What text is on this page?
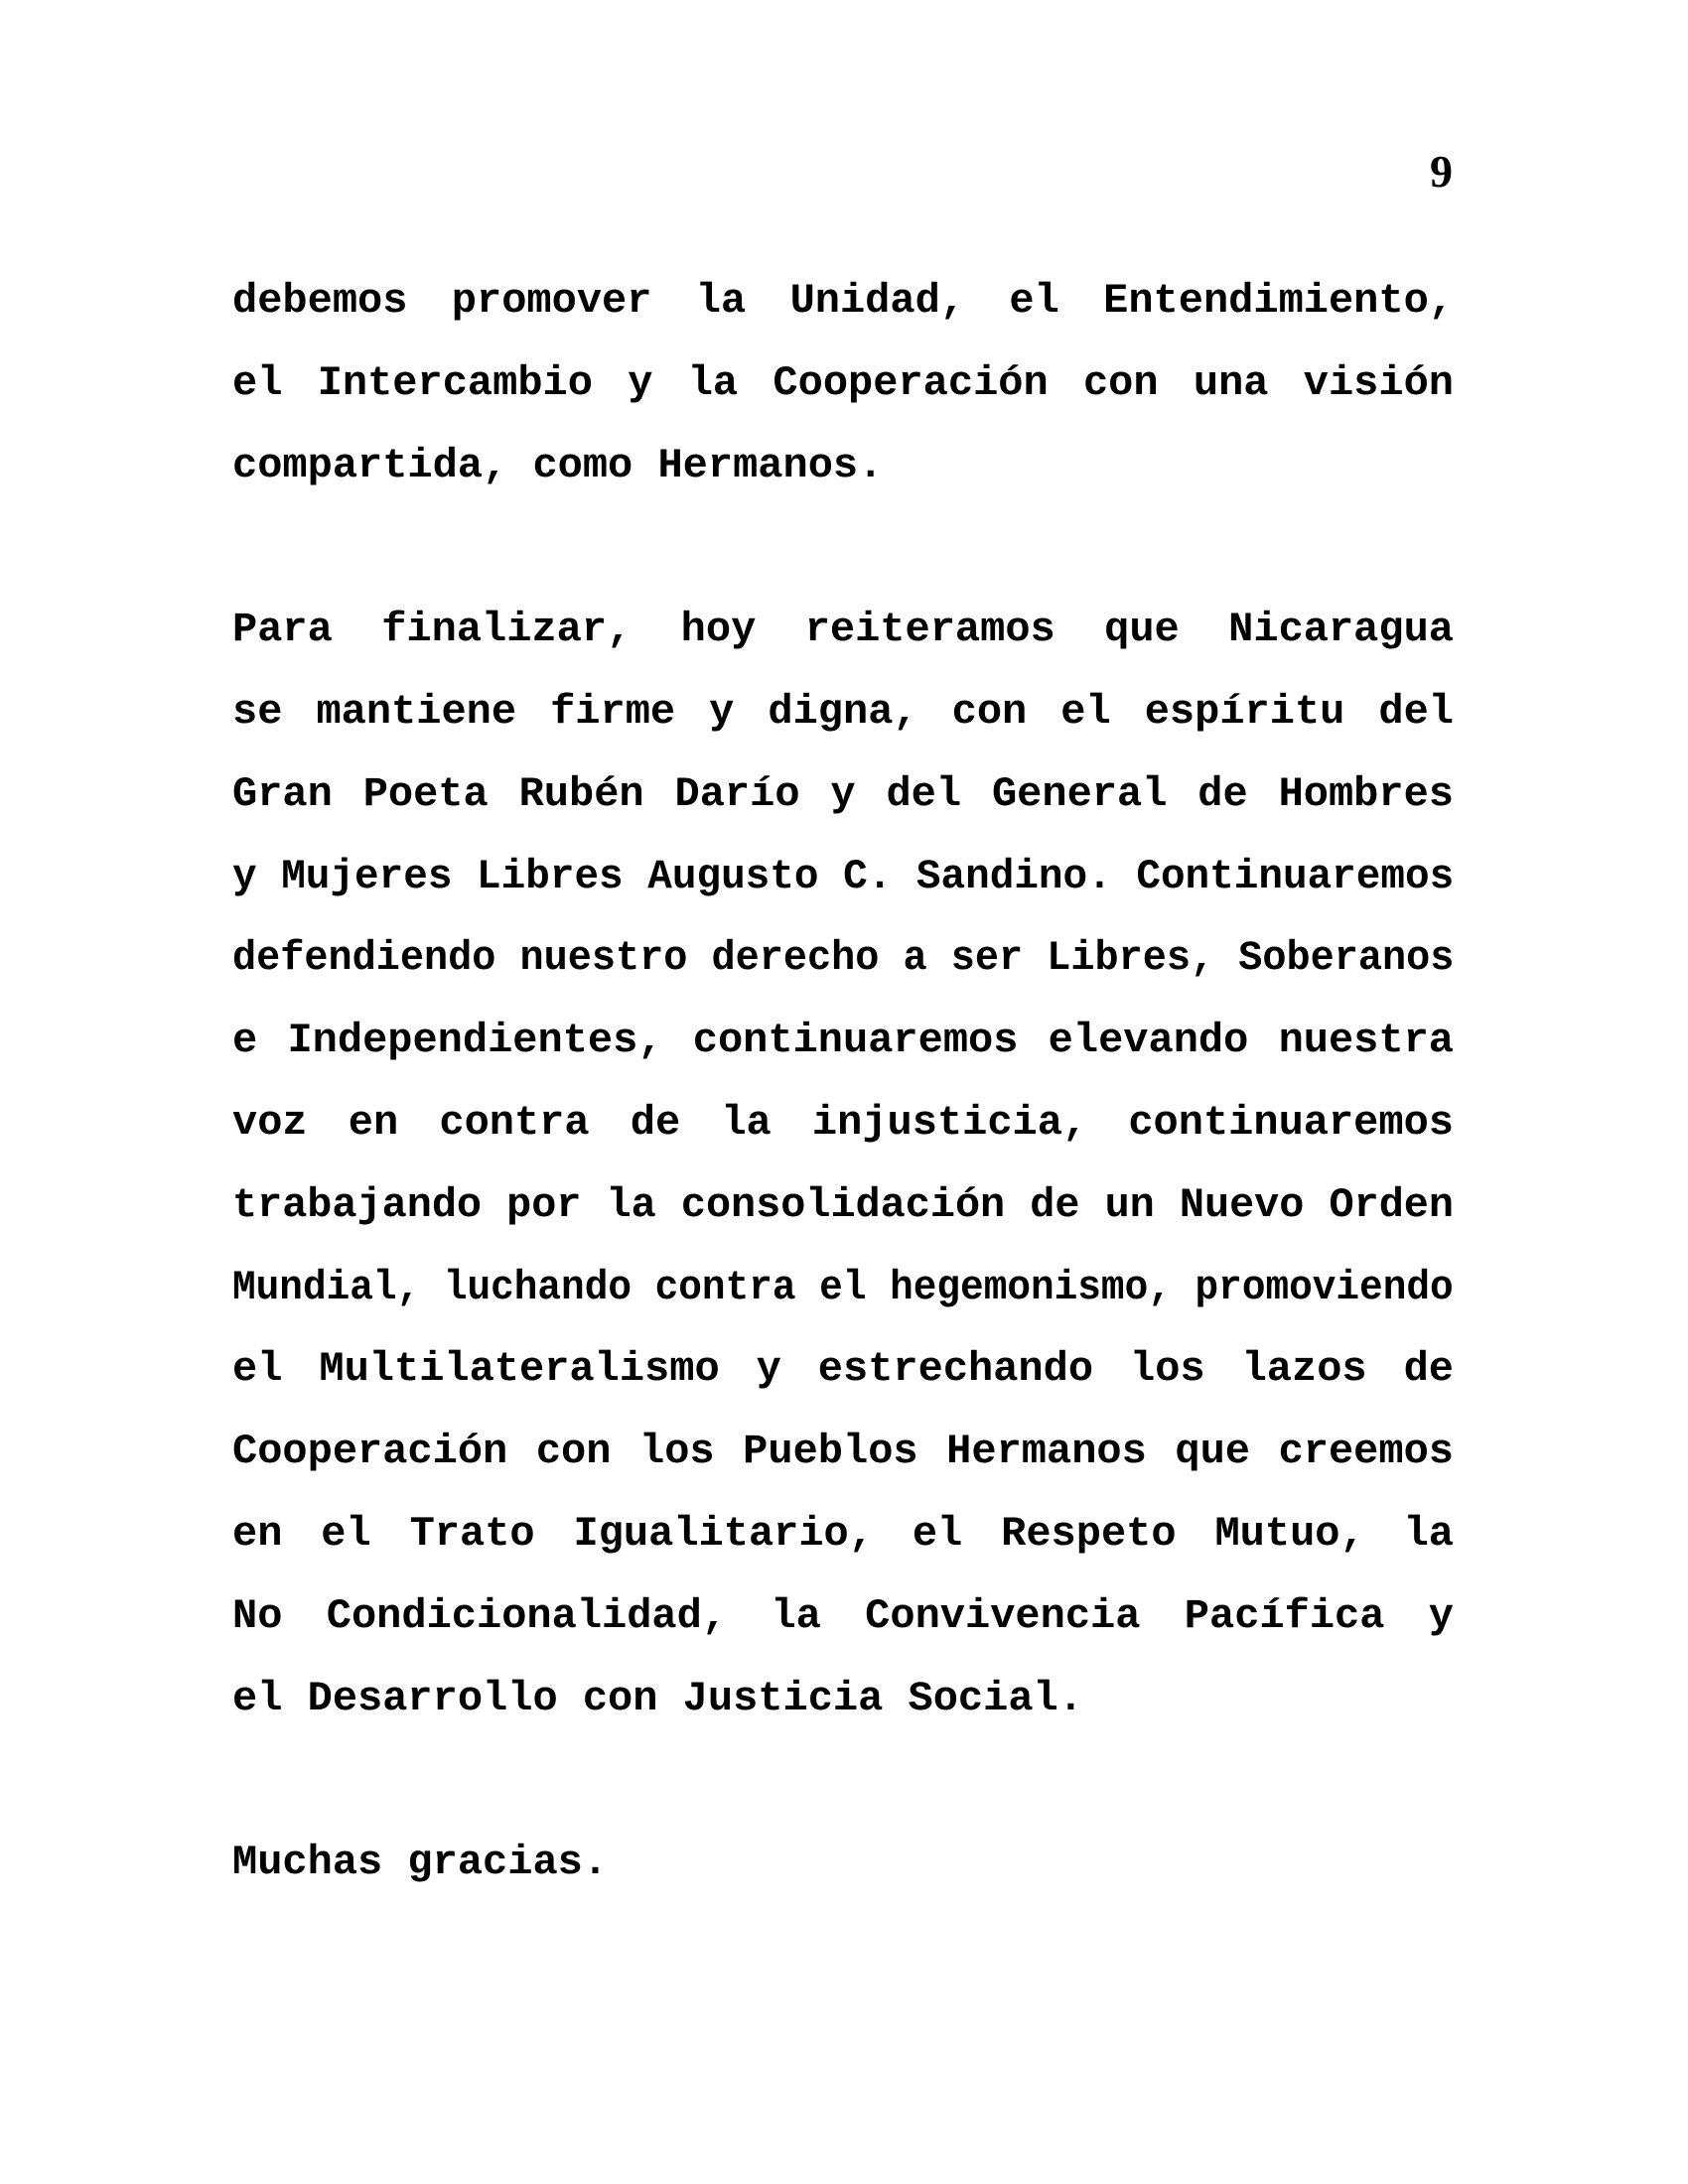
9
debemos promover la Unidad, el Entendimiento,
el Intercambio y la Cooperación con una visión
compartida, como Hermanos.
Para finalizar, hoy reiteramos que Nicaragua
se mantiene firme y digna, con el espíritu del
Gran Poeta Rubén Darío y del General de Hombres
y Mujeres Libres Augusto C. Sandino. Continuaremos
defendiendo nuestro derecho a ser Libres, Soberanos
e Independientes, continuaremos elevando nuestra
voz en contra de la injusticia, continuaremos
trabajando por la consolidación de un Nuevo Orden
Mundial, luchando contra el hegemonismo, promoviendo
el Multilateralismo y estrechando los lazos de
Cooperación con los Pueblos Hermanos que creemos
en el Trato Igualitario, el Respeto Mutuo, la
No Condicionalidad, la Convivencia Pacífica y
el Desarrollo con Justicia Social.
Muchas gracias.
